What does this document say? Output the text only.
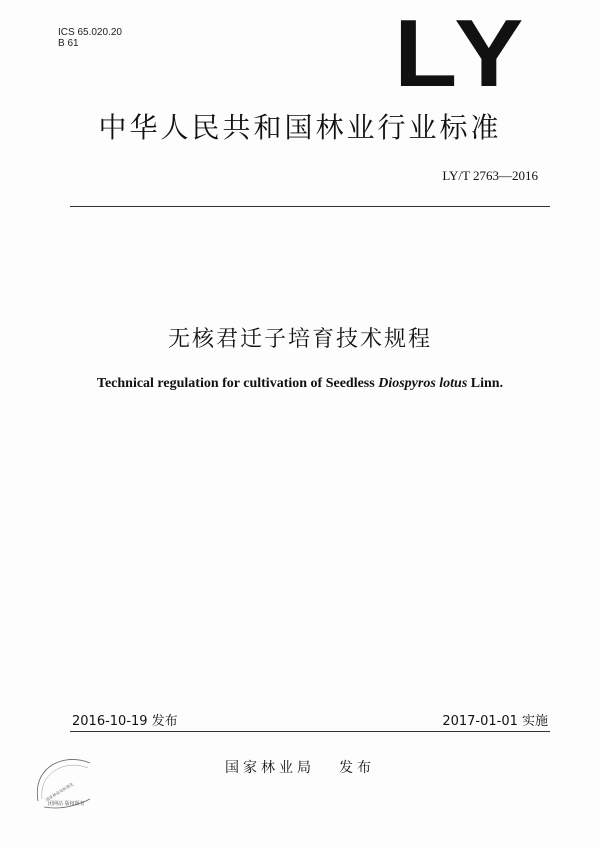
ICS 65.020.20
B 61	LY
中华人民共和国林业行业标准
LY/T 2763—2016
无核君迁子培育技术规程
Technical regulation for cultivation of Seedless Diospyros lotus Linn.
2016-10-19 发布	2017-01-01 实施
国家林业局 发布
国家林业局标准化
团网站 版权所有
